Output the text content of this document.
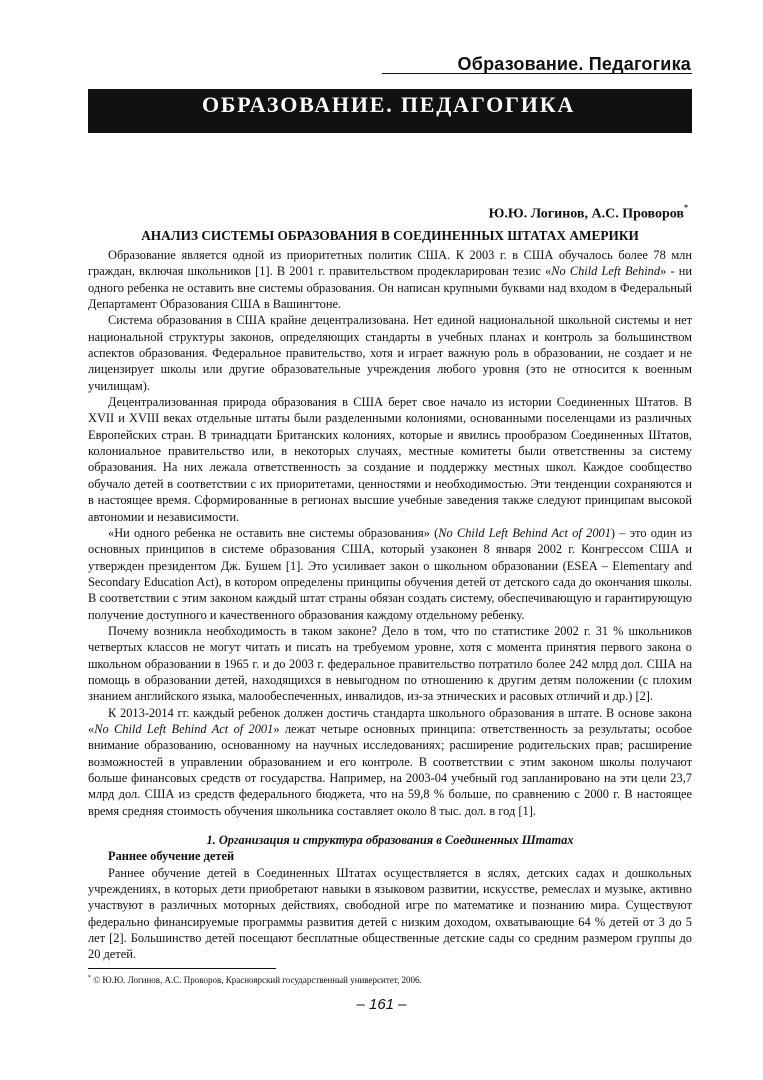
Образование. Педагогика
ОБРАЗОВАНИЕ. ПЕДАГОГИКА
Ю.Ю. Логинов, А.С. Проворов*
АНАЛИЗ СИСТЕМЫ ОБРАЗОВАНИЯ В СОЕДИНЕННЫХ ШТАТАХ АМЕРИКИ

Образование является одной из приоритетных политик США. К 2003 г. в США обучалось более 78 млн граждан, включая школьников [1]. В 2001 г. правительством продекларирован тезис «No Child Left Behind» - ни одного ребенка не оставить вне системы образования. Он написан крупными буквами над входом в Федеральный Департамент Образования США в Вашингтоне.

Система образования в США крайне децентрализована. Нет единой национальной школьной системы и нет национальной структуры законов, определяющих стандарты в учебных планах и контроль за большинством аспектов образования. Федеральное правительство, хотя и играет важную роль в образовании, не создает и не лицензирует школы или другие образовательные учреждения любого уровня (это не относится к военным училищам).

Децентрализованная природа образования в США берет свое начало из истории Соединенных Штатов. В XVII и XVIII веках отдельные штаты были разделенными колониями, основанными поселенцами из различных Европейских стран. В тринадцати Британских колониях, которые и явились прообразом Соединенных Штатов, колониальное правительство или, в некоторых случаях, местные комитеты были ответственны за систему образования. На них лежала ответственность за создание и поддержку местных школ. Каждое сообщество обучало детей в соответствии с их приоритетами, ценностями и необходимостью. Эти тенденции сохраняются и в настоящее время. Сформированные в регионах высшие учебные заведения также следуют принципам высокой автономии и независимости.

«Ни одного ребенка не оставить вне системы образования» (No Child Left Behind Act of 2001) – это один из основных принципов в системе образования США, который узаконен 8 января 2002 г. Конгрессом США и утвержден президентом Дж. Бушем [1]. Это усиливает закон о школьном образовании (ESEA – Elementary and Secondary Education Act), в котором определены принципы обучения детей от детского сада до окончания школы. В соответствии с этим законом каждый штат страны обязан создать систему, обеспечивающую и гарантирующую получение доступного и качественного образования каждому отдельному ребенку.

Почему возникла необходимость в таком законе? Дело в том, что по статистике 2002 г. 31 % школьников четвертых классов не могут читать и писать на требуемом уровне, хотя с момента принятия первого закона о школьном образовании в 1965 г. и до 2003 г. федеральное правительство потратило более 242 млрд дол. США на помощь в образовании детей, находящихся в невыгодном по отношению к другим детям положении (с плохим знанием английского языка, малообеспеченных, инвалидов, из-за этнических и расовых отличий и др.) [2].

К 2013-2014 гг. каждый ребенок должен достичь стандарта школьного образования в штате. В основе закона «No Child Left Behind Act of 2001» лежат четыре основных принципа: ответственность за результаты; особое внимание образованию, основанному на научных исследованиях; расширение родительских прав; расширение возможностей в управлении образованием и его контроле. В соответствии с этим законом школы получают больше финансовых средств от государства. Например, на 2003-04 учебный год запланировано на эти цели 23,7 млрд дол. США из средств федерального бюджета, что на 59,8 % больше, по сравнению с 2000 г. В настоящее время средняя стоимость обучения школьника составляет около 8 тыс. дол. в год [1].

1. Организация и структура образования в Соединенных Штатах

Раннее обучение детей

Раннее обучение детей в Соединенных Штатах осуществляется в яслях, детских садах и дошкольных учреждениях, в которых дети приобретают навыки в языковом развитии, искусстве, ремеслах и музыке, активно участвуют в различных моторных действиях, свободной игре по математике и познанию мира. Существуют федерально финансируемые программы развития детей с низким доходом, охватывающие 64 % детей от 3 до 5 лет [2]. Большинство детей посещают бесплатные общественные детские сады со средним размером группы до 20 детей.

* © Ю.Ю. Логинов, А.С. Проворов, Красноярский государственный университет, 2006.
– 161 –
